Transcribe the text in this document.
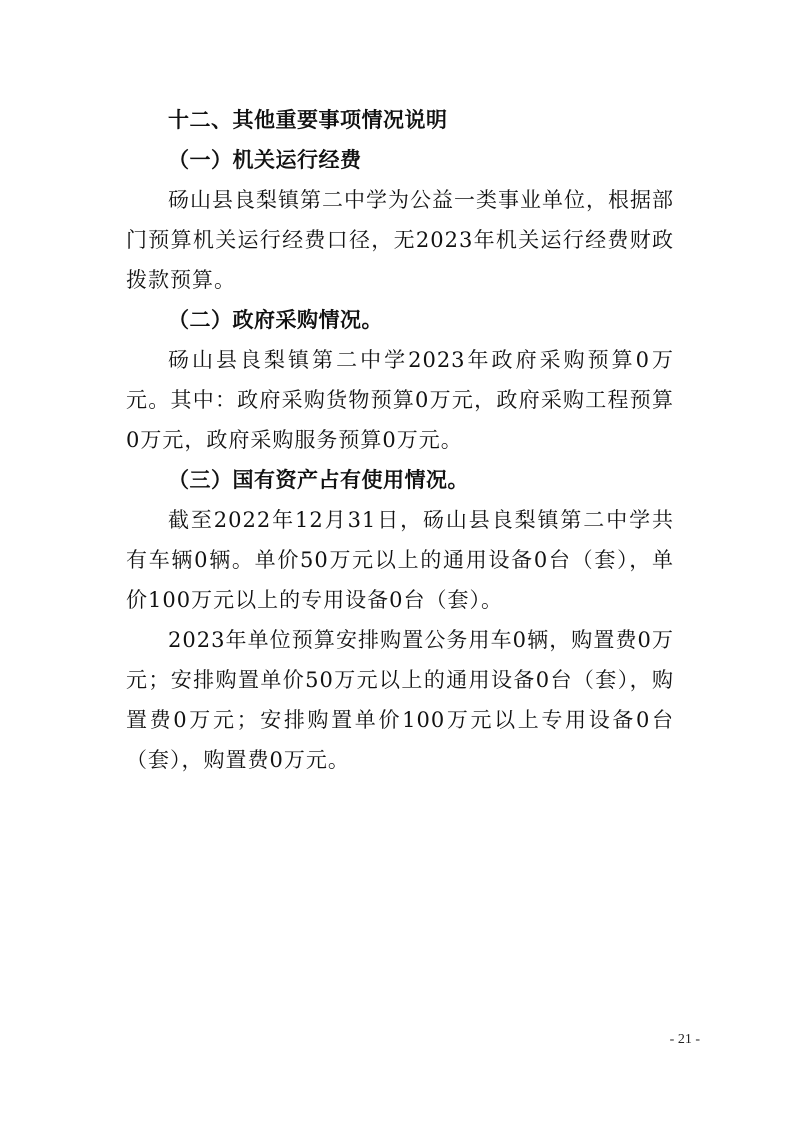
十二、其他重要事项情况说明
（一）机关运行经费

砀山县良梨镇第二中学为公益一类事业单位，根据部门预算机关运行经费口径，无2023年机关运行经费财政拨款预算。

（二）政府采购情况。

砀山县良梨镇第二中学2023年政府采购预算0万元。其中：政府采购货物预算0万元，政府采购工程预算0万元，政府采购服务预算0万元。

（三）国有资产占有使用情况。

截至2022年12月31日，砀山县良梨镇第二中学共有车辆0辆。单价50万元以上的通用设备0台（套），单价100万元以上的专用设备0台（套）。

2023年单位预算安排购置公务用车0辆，购置费0万元；安排购置单价50万元以上的通用设备0台（套），购置费0万元；安排购置单价100万元以上专用设备0台（套），购置费0万元。

- 21 -
